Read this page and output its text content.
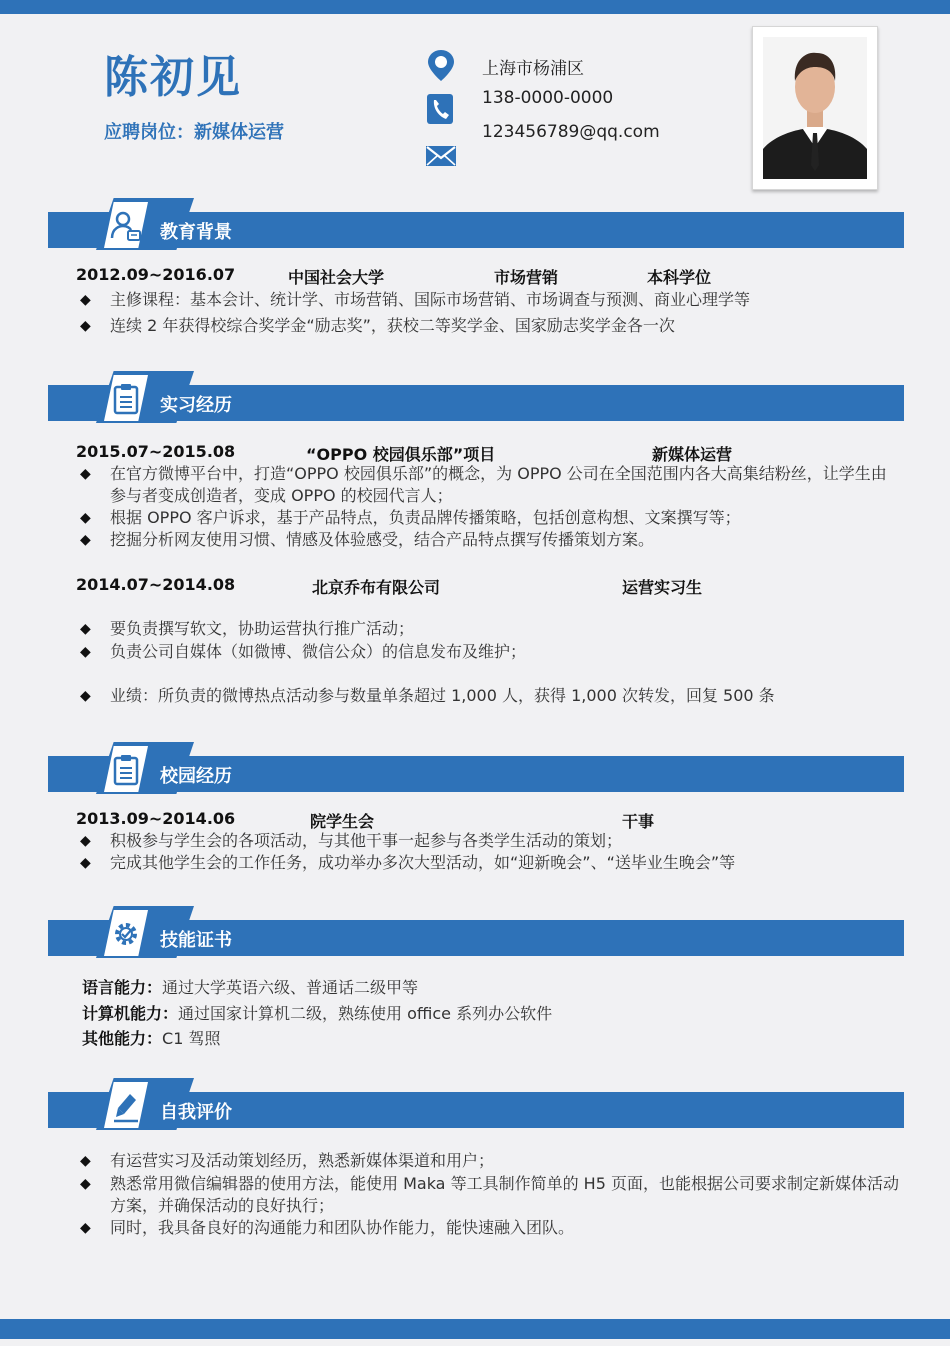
陈初见
应聘岗位：新媒体运营
上海市杨浦区
138-0000-0000
123456789@qq.com
教育背景
2012.09~2016.07	中国社会大学	市场营销	本科学位
◆ 主修课程：基本会计、统计学、市场营销、国际市场营销、市场调查与预测、商业心理学等
◆ 连续 2 年获得校综合奖学金“励志奖”，获校二等奖学金、国家励志奖学金各一次
实习经历
2015.07~2015.08	“OPPO 校园俱乐部”项目	新媒体运营
◆ 在官方微博平台中，打造“OPPO 校园俱乐部”的概念，为 OPPO 公司在全国范围内各大高集结粉丝，让学生由参与者变成创造者，变成 OPPO 的校园代言人；
◆ 根据 OPPO 客户诉求，基于产品特点，负责品牌传播策略，包括创意构想、文案撰写等；
◆ 挖掘分析网友使用习惯、情感及体验感受，结合产品特点撰写传播策划方案。
2014.07~2014.08	北京乔布有限公司	运营实习生
◆ 要负责撰写软文，协助运营执行推广活动；
◆ 负责公司自媒体（如微博、微信公众）的信息发布及维护；
◆ 业绩：所负责的微博热点活动参与数量单条超过 1,000 人，获得 1,000 次转发，回复 500 条
校园经历
2013.09~2014.06	院学生会	干事
◆ 积极参与学生会的各项活动，与其他干事一起参与各类学生活动的策划；
◆ 完成其他学生会的工作任务，成功举办多次大型活动，如“迎新晚会”、“送毕业生晚会”等
技能证书
语言能力：通过大学英语六级、普通话二级甲等
计算机能力：通过国家计算机二级，熟练使用 office 系列办公软件
其他能力：C1 驾照
自我评价
◆ 有运营实习及活动策划经历，熟悉新媒体渠道和用户；
◆ 熟悉常用微信编辑器的使用方法，能使用 Maka 等工具制作简单的 H5 页面，也能根据公司要求制定新媒体活动方案，并确保活动的良好执行；
◆ 同时，我具备良好的沟通能力和团队协作能力，能快速融入团队。
